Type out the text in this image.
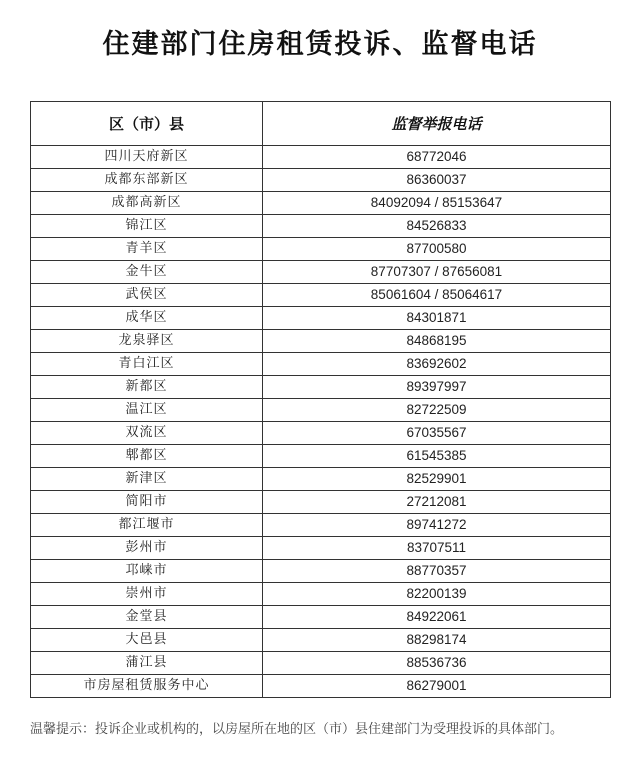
住建部门住房租赁投诉、监督电话
区（市）县	监督举报电话
四川天府新区	68772046
成都东部新区	86360037
成都高新区	84092094 / 85153647
锦江区	84526833
青羊区	87700580
金牛区	87707307 / 87656081
武侯区	85061604 / 85064617
成华区	84301871
龙泉驿区	84868195
青白江区	83692602
新都区	89397997
温江区	82722509
双流区	67035567
郫都区	61545385
新津区	82529901
简阳市	27212081
都江堰市	89741272
彭州市	83707511
邛崃市	88770357
崇州市	82200139
金堂县	84922061
大邑县	88298174
蒲江县	88536736
市房屋租赁服务中心	86279001
温馨提示：投诉企业或机构的，以房屋所在地的区（市）县住建部门为受理投诉的具体部门。
